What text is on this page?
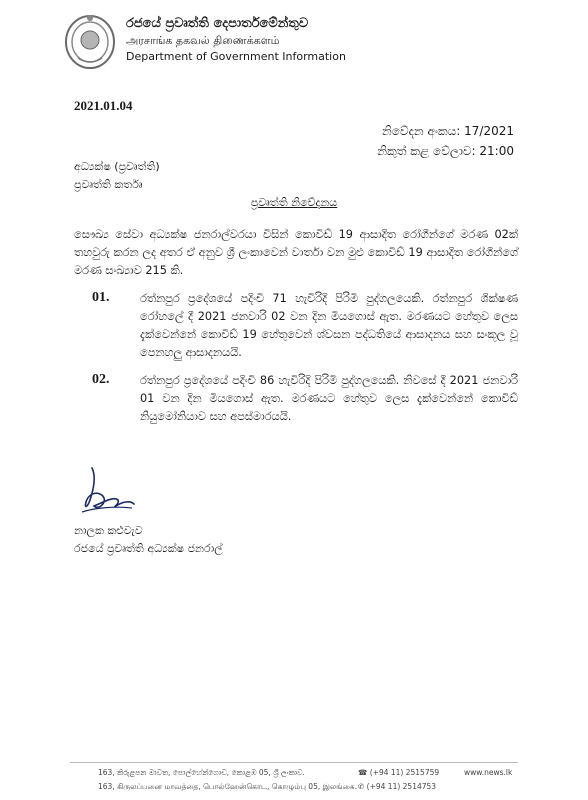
රජයේ ප්‍රවෘත්ති දෙපාර්තමේන්තුව
அரசாங்க தகவல் திணைக்களம்
Department of Government Information
2021.01.04
නිවේදන අංකය: 17/2021
නිකුත් කළ වේලාව: 21:00
අධ්‍යක්ෂ (ප්‍රවෘත්ති)
ප්‍රවෘත්ති කර්තෘ
ප්‍රවෘත්ති නිවේදනය
සෞඛ්‍ය සේවා අධ්‍යක්ෂ ජනරාල්වරයා විසින් කොවිඩ් 19 ආසාදිත රෝගීන්ගේ මරණ 02ක් තහවුරු කරන ලද අතර ඒ අනුව ශ්‍රී ලංකාවෙන් වාර්තා වන මුළු කොවිඩ් 19 ආසාදිත රෝගීන්ගේ මරණ සංඛ්‍යාව 215 කි.
01.	රත්නපුර ප්‍රදේශයේ පදිංචි 71 හැවිරිදි පිරිමි පුද්ගලයෙකි. රත්නපුර ශික්ෂණ රෝහලේ දී 2021 ජනවාරි 02 වන දින මියගොස් ඇත. මරණයට හේතුව ලෙස දැක්වෙන්නේ කොවිඩ් 19 හේතුවෙන් ශ්වසන පද්ධතියේ ආසාදනය සහ සංකූල වූ පෙනහලු ආසාදනයයි.
02.	රත්නපුර ප්‍රදේශයේ පදිංචි 86 හැවිරිදි පිරිමි පුද්ගලයෙකි. නිවසේ දී 2021 ජනවාරි 01 වන දින මියගොස් ඇත. මරණයට හේතුව ලෙස දැක්වෙන්නේ කොවිඩ් නියුමෝනියාව සහ අපස්මාරයයි.
නාලක කළුවැව
රජයේ ප්‍රවෘත්ති අධ්‍යක්ෂ ජනරාල්
163, කිරුළපන මාවත, පොල්හේන්ගොඩ, කොළඹ 05, ශ්‍රී ලංකාව.
163, கிருலப்பனை மாவத்தை, பொல்ஹேன்கொட, கொழும்பு 05, இலங்கை.
☎ (+94 11) 2515759
✆ (+94 11) 2514753
www.news.lk
